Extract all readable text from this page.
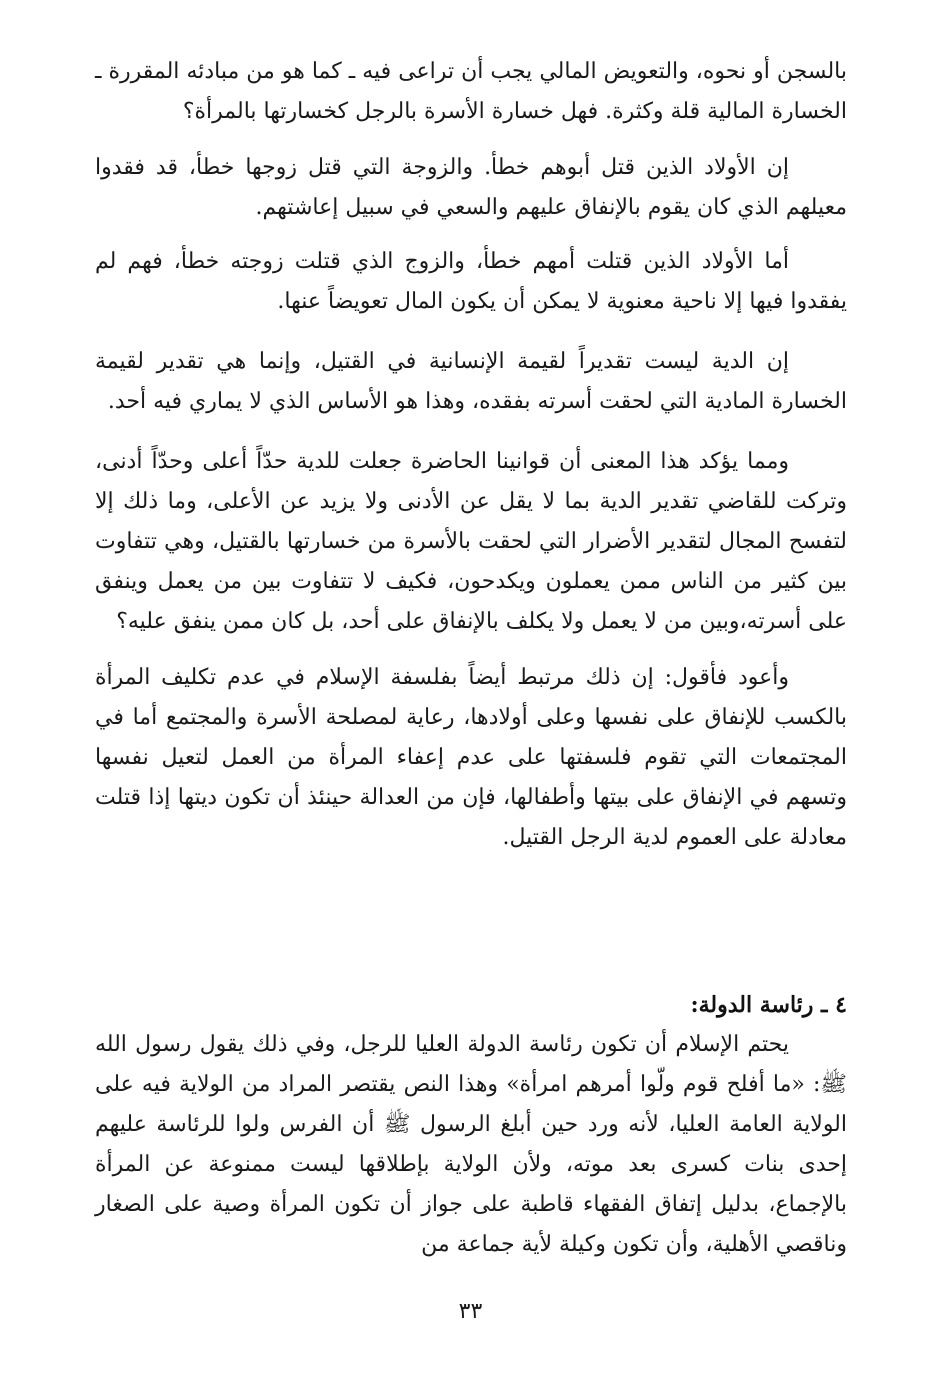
بالسجن أو نحوه، والتعويض المالي يجب أن تراعى فيه ـ كما هو من مبادئه المقررة ـ الخسارة المالية قلة وكثرة. فهل خسارة الأسرة بالرجل كخسارتها بالمرأة؟

إن الأولاد الذين قتل أبوهم خطأ. والزوجة التي قتل زوجها خطأ، قد فقدوا معيلهم الذي كان يقوم بالإنفاق عليهم والسعي في سبيل إعاشتهم.

أما الأولاد الذين قتلت أمهم خطأ، والزوج الذي قتلت زوجته خطأ، فهم لم يفقدوا فيها إلا ناحية معنوية لا يمكن أن يكون المال تعويضاً عنها.

إن الدية ليست تقديراً لقيمة الإنسانية في القتيل، وإنما هي تقدير لقيمة الخسارة المادية التي لحقت أسرته بفقده، وهذا هو الأساس الذي لا يماري فيه أحد.

ومما يؤكد هذا المعنى أن قوانينا الحاضرة جعلت للدية حدّاً أعلى وحدّاً أدنى، وتركت للقاضي تقدير الدية بما لا يقل عن الأدنى ولا يزيد عن الأعلى، وما ذلك إلا لتفسح المجال لتقدير الأضرار التي لحقت بالأسرة من خسارتها بالقتيل، وهي تتفاوت بين كثير من الناس ممن يعملون ويكدحون، فكيف لا تتفاوت بين من يعمل وينفق على أسرته،وبين من لا يعمل ولا يكلف بالإنفاق على أحد، بل كان ممن ينفق عليه؟

وأعود فأقول: إن ذلك مرتبط أيضاً بفلسفة الإسلام في عدم تكليف المرأة بالكسب للإنفاق على نفسها وعلى أولادها، رعاية لمصلحة الأسرة والمجتمع أما في المجتمعات التي تقوم فلسفتها على عدم إعفاء المرأة من العمل لتعيل نفسها وتسهم في الإنفاق على بيتها وأطفالها، فإن من العدالة حينئذ أن تكون ديتها إذا قتلت معادلة على العموم لدية الرجل القتيل.

٤ ـ رئاسة الدولة:

يحتم الإسلام أن تكون رئاسة الدولة العليا للرجل، وفي ذلك يقول رسول الله ﷺ: «ما أفلح قوم ولّوا أمرهم امرأة» وهذا النص يقتصر المراد من الولاية فيه على الولاية العامة العليا، لأنه ورد حين أبلغ الرسول ﷺ أن الفرس ولوا للرئاسة عليهم إحدى بنات كسرى بعد موته، ولأن الولاية بإطلاقها ليست ممنوعة عن المرأة بالإجماع، بدليل إتفاق الفقهاء قاطبة على جواز أن تكون المرأة وصية على الصغار وناقصي الأهلية، وأن تكون وكيلة لأية جماعة من

٣٣
